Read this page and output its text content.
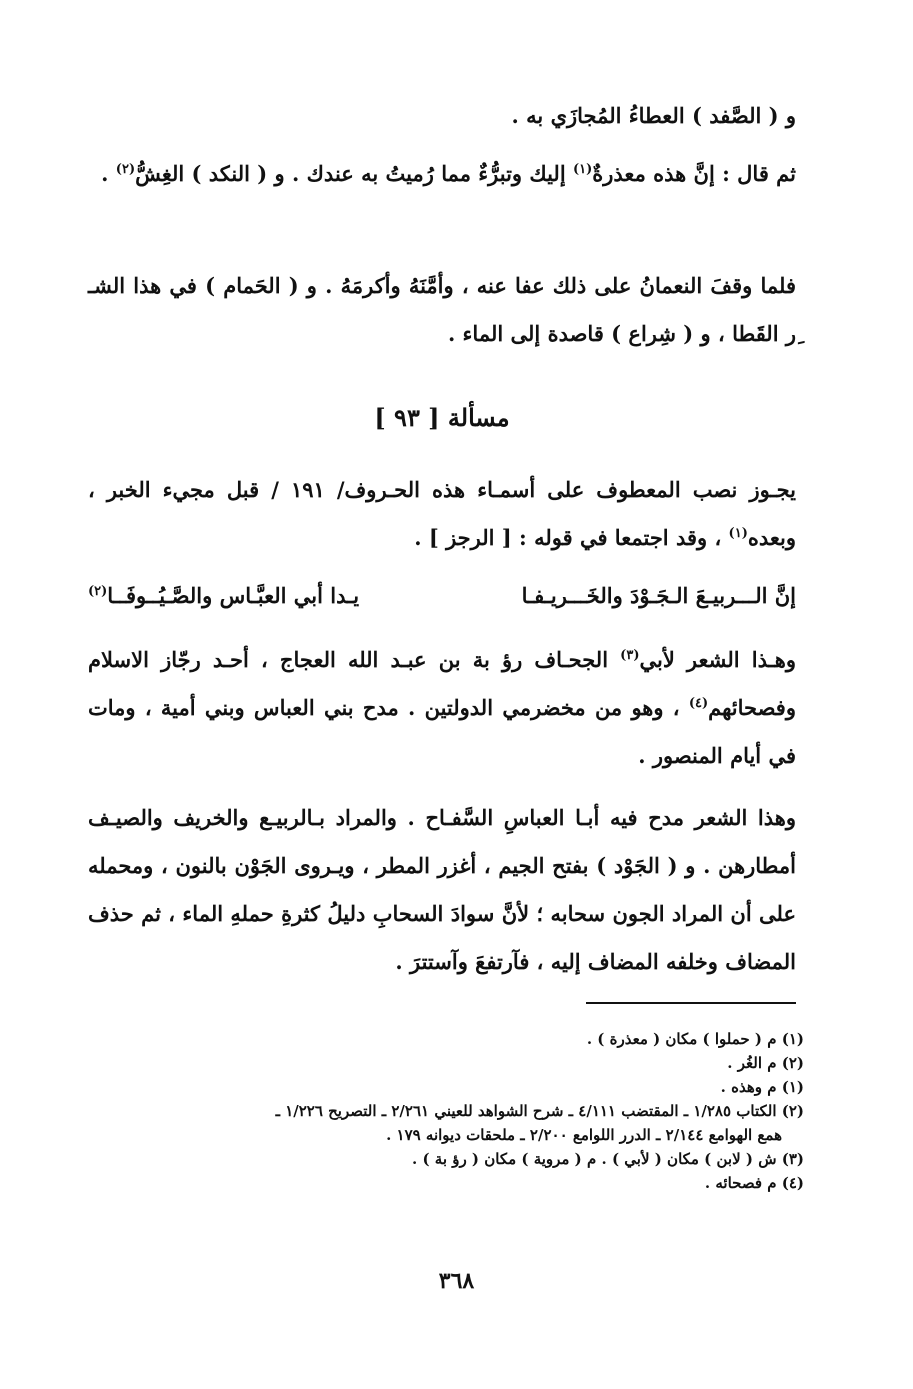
و ( الصَّفد ) العطاءُ المُجازَي به .

ثم قال : إنَّ هذه معذرةٌ$^{(١)}$ إليك وتبرُّءٌ مما رُميتُ به عندك . و ( النكد ) الغِشُّ$^{(٢)}$ .

فلما وقفَ النعمانُ على ذلك عفا عنه ، وأمَّنَهُ وأكرمَهُ . و ( الحَمام ) في هذا الشـ ِر القَطا ، و ( شِراع ) قاصدة إلى الماء .

مسألة [ ٩٣ ]

يجـوز نصب المعطوف على أسمـاء هذه الحـروف/ ١٩١ / قبل مجيء الخبر ، وبعده$^{(١)}$ ، وقد اجتمعا في قوله : [ الرجز ] .

إنَّ الـــربيـعَ الـجَـوْدَ والخَـــريـفـا
يـدا أبي العبَّـاس والصَّـيُــوفَــا$^{(٢)}$

وهـذا الشعر لأبي$^{(٣)}$ الجحـاف رؤ بة بن عبـد الله العجاج ، أحـد رجّاز الاسلام وفصحائهم$^{(٤)}$ ، وهو من مخضرمي الدولتين . مدح بني العباس وبني أمية ، ومات في أيام المنصور .

وهذا الشعر مدح فيه أبـا العباسِ السَّفـاح . والمراد بـالربيـع والخريف والصيـف أمطارهن . و ( الجَوْد ) بفتح الجيم ، أغزر المطر ، ويـروى الجَوْن بالنون ، ومحمله على أن المراد الجون سحابه ؛ لأنَّ سوادَ السحابِ دليلُ كثرةِ حملهِ الماء ، ثم حذف المضاف وخلفه المضاف إليه ، فآرتفعَ وآستترَ .

(١) م ( حملوا ) مكان ( معذرة ) .

(٢) م الغُر .

(١) م وهذه .

(٢) الكتاب ١/٢٨٥ ـ المقتضب ٤/١١١ ـ شرح الشواهد للعيني ٢/٢٦١ ـ التصريح ١/٢٢٦ ـ

همع الهوامع ٢/١٤٤ ـ الدرر اللوامع ٢/٢٠٠ ـ ملحقات ديوانه ١٧٩ .

(٣) ش ( لابن ) مكان ( لأبي ) . م ( مروية ) مكان ( رؤ بة ) .

(٤) م فصحائه .

٣٦٨
